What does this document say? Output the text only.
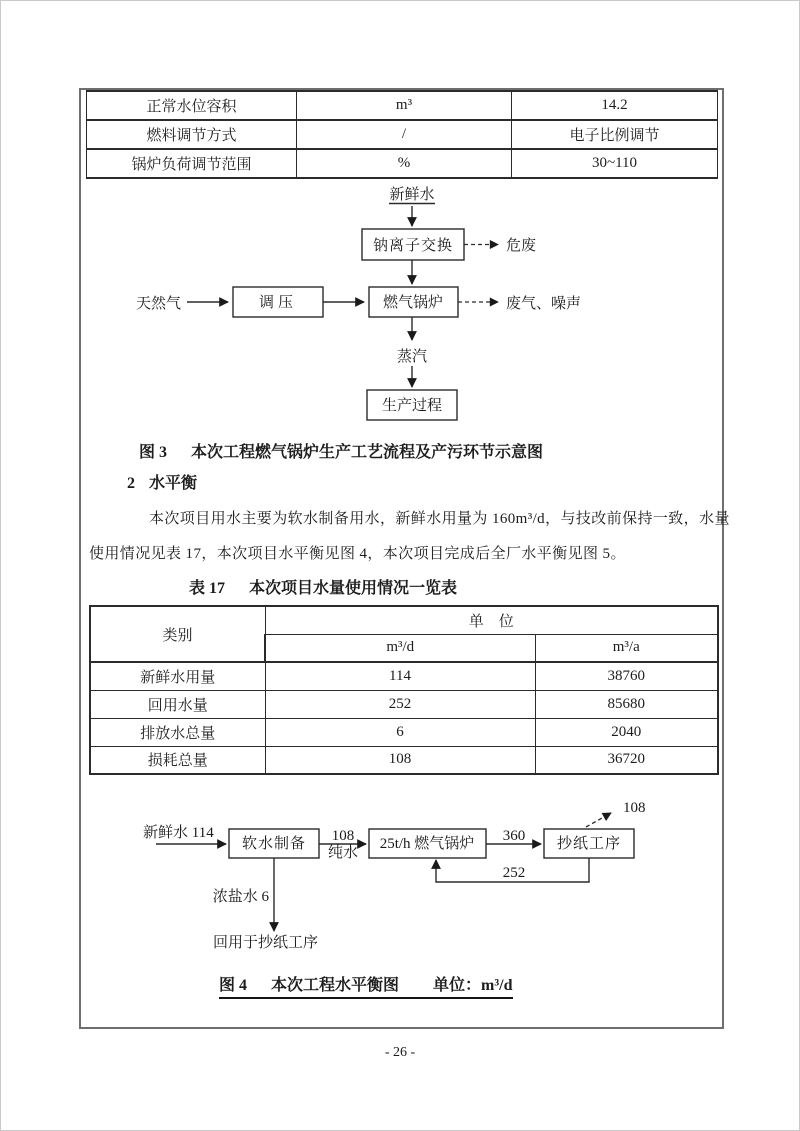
正常水位容积	m³	14.2
燃料调节方式	/	电子比例调节
锅炉负荷调节范围	%	30~110
新鲜水
钠离子交换	危废
天然气	调压	燃气锅炉	废气、噪声
蒸汽
生产过程
图 3 本次工程燃气锅炉生产工艺流程及产污环节示意图
2 水平衡
本次项目用水主要为软水制备用水，新鲜水用量为 160m³/d，与技改前保持一致，水量
使用情况见表 17，本次项目水平衡见图 4，本次项目完成后全厂水平衡见图 5。
表 17 本次项目水量使用情况一览表
类别	单　位	
	m³/d	m³/a
新鲜水用量	114	38760
回用水量	252	85680
排放水总量	6	2040
损耗总量	108	36720
新鲜水 114
软水制备 108
纯水
25t/h 燃气锅炉 360 抄纸工序
108
252
浓盐水 6
回用于抄纸工序
图 4 本次工程水平衡图 单位：m³/d
- 26 -
